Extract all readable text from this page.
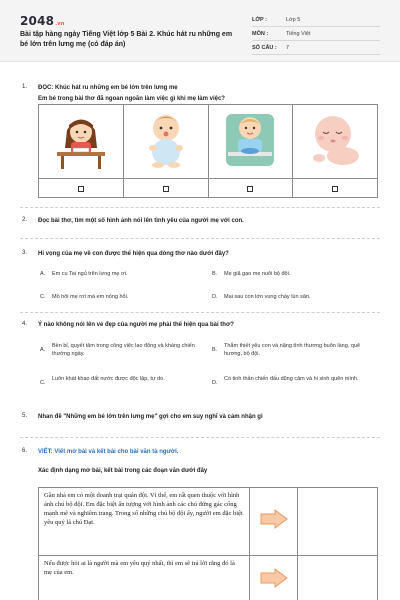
2048.vn
Bài tập hàng ngày Tiếng Việt lớp 5 Bài 2. Khúc hát ru những em bé lớn trên lưng mẹ (có đáp án)
LỚP :	Lớp 5
MÔN :	Tiếng Việt
SỐ CÂU : 7
1. ĐỌC: Khúc hát ru những em bé lớn trên lưng mẹ
Em bé trong bài thơ đã ngoan ngoãn làm việc gì khi mẹ làm việc?

2. Đọc bài thơ, tìm một số hình ảnh nói lên tình yêu của người mẹ với con.
3. Hi vọng của mẹ về con được thể hiện qua dòng thơ nào dưới đây?
A. Em cu Tai ngủ trên lưng mẹ ơi.	B. Mẹ giã gạo mẹ nuôi bộ đội.
C. Mồ hôi mẹ rơi má em nóng hổi.	D. Mai sau con lớn vung chày lún sân.
4. Ý nào không nói lên vẻ đẹp của người mẹ phải thể hiện qua bài thơ?
A.
Bền bỉ, quyết tâm trong công việc lao động và kháng chiến thường ngày.
B.
Thắm thiết yêu con và nặng tình thương buôn làng, quê hương, bộ đội.
C.
Luôn khát khao đất nước được độc lập, tự do.
D.
Có tinh thần chiến đấu dũng cảm và hi sinh quên mình.
5. Nhan đề "Những em bé lớn trên lưng mẹ" gợi cho em suy nghĩ và cảm nhận gì
6. VIẾT: Viết mở bài và kết bài cho bài văn tả người.
Xác định dạng mở bài, kết bài trong các đoạn văn dưới đây
Gần nhà em có một doanh trại quân đội. Vì thế, em rất quen thuộc với hình ảnh chú bộ đội. Em đặc biệt ấn tượng với hình ảnh các chú đứng gác cổng mạnh mẽ và nghiêm trang. Trong số những chú bộ đội ấy, người em đặc biệt yêu quý là chú Đạt.		
Nếu được hỏi ai là người mà em yêu quý nhất, thì em sẽ trả lời rằng đó là mẹ của em.		
